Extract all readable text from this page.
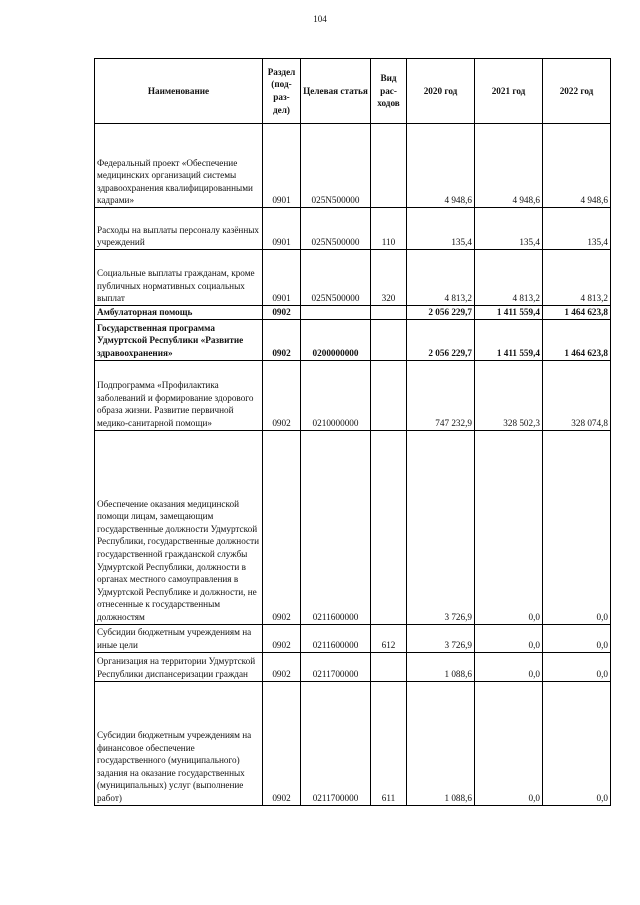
104
Наименование	Раздел (под-раз-дел)	Целевая статья	Вид рас-ходов	2020 год	2021 год	2022 год
Федеральный проект «Обеспечение медицинских организаций системы здравоохранения квалифицированными кадрами»	0901	025N500000		4 948,6	4 948,6	4 948,6
Расходы на выплаты персоналу казённых учреждений	0901	025N500000	110	135,4	135,4	135,4
Социальные выплаты гражданам, кроме публичных нормативных социальных выплат	0901	025N500000	320	4 813,2	4 813,2	4 813,2
Амбулаторная помощь	0902			2 056 229,7	1 411 559,4	1 464 623,8
Государственная программа Удмуртской Республики «Развитие здравоохранения»	0902	0200000000		2 056 229,7	1 411 559,4	1 464 623,8
Подпрограмма «Профилактика заболеваний и формирование здорового образа жизни. Развитие первичной медико-санитарной помощи»	0902	0210000000		747 232,9	328 502,3	328 074,8
Обеспечение оказания медицинской помощи лицам, замещающим государственные должности Удмуртской Республики, государственные должности государственной гражданской службы Удмуртской Республики, должности в органах местного самоуправления в Удмуртской Республике и должности, не отнесенные к государственным должностям	0902	0211600000		3 726,9	0,0	0,0
Субсидии бюджетным учреждениям на иные цели	0902	0211600000	612	3 726,9	0,0	0,0
Организация на территории Удмуртской Республики диспансеризации граждан	0902	0211700000		1 088,6	0,0	0,0
Субсидии бюджетным учреждениям на финансовое обеспечение государственного (муниципального) задания на оказание государственных (муниципальных) услуг (выполнение работ)	0902	0211700000	611	1 088,6	0,0	0,0
